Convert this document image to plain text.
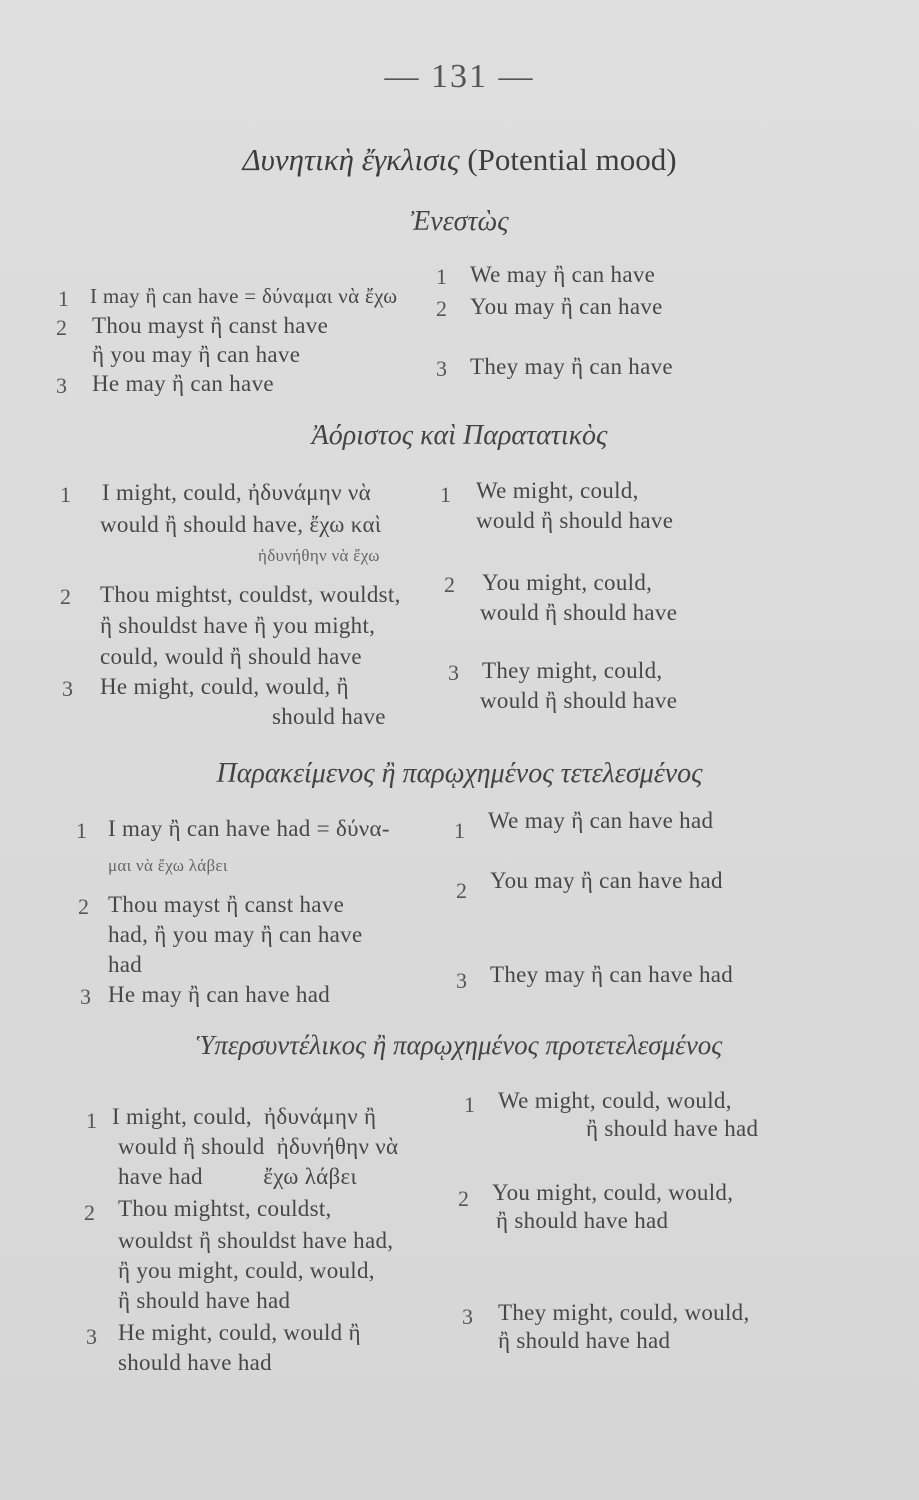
— 131 —
Δυνητικὴ ἔγκλισις (Potential mood)
Ἐνεστὼς
1 I may ἢ can have = δύναμαι νὰ ἔχω
2 Thou mayst ἢ canst have
ἢ you may ἢ can have
3 He may ἢ can have
1 We may ἢ can have
2 You may ἢ can have
3 They may ἢ can have
Ἀόριστος καὶ Παρατατικὸς
1 I might, could, ἠδυνάμην νὰ
would ἢ should have, ἔχω καὶ
ἠδυνήθην νὰ ἔχω
2 Thou mightst, couldst, wouldst,
ἢ shouldst have ἢ you might,
could, would ἢ should have
3 He might, could, would, ἢ
should have
1 We might, could,
would ἢ should have
2 You might, could,
would ἢ should have
3 They might, could,
would ἢ should have
Παρακείμενος ἢ παρῳχημένος τετελεσμένος
1 I may ἢ can have had = δύνα-
μαι νὰ ἔχω λάβει
2 Thou mayst ἢ canst have
had, ἢ you may ἢ can have
had
3 He may ἢ can have had
1 We may ἢ can have had
2 You may ἢ can have had
3 They may ἢ can have had
Ὑπερσυντέλικος ἢ παρῳχημένος προτετελεσμένος
1 I might, could,  ἠδυνάμην ἢ
would ἢ should  ἠδυνήθην νὰ
have had          ἔχω λάβει
2 Thou mightst, couldst,
wouldst ἢ shouldst have had,
ἢ you might, could, would,
ἢ should have had
3 He might, could, would ἢ
should have had
1 We might, could, would,
ἢ should have had
2 You might, could, would,
ἢ should have had
3 They might, could, would,
ἢ should have had
